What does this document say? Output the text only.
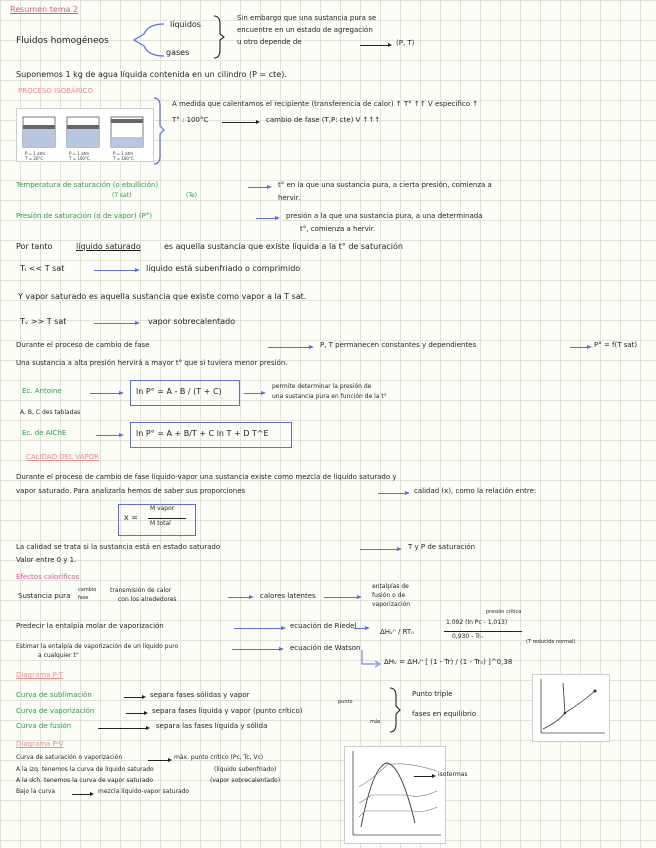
Resumen tema 2
Fluidos homogéneos
líquidos
gases
Sin embargo que una sustancia pura se
encuentre en un estado de agregación
u otro depende de	(P, T)
Suponemos 1 kg de agua líquida contenida en un cilindro (P = cte).
PROCESO ISOBÁRICO
P = 1 atm
T = 20°C
P = 1 atm
T = 100°C
P = 1 atm
T = 100°C
A medida que calentamos el recipiente (transferencia de calor) ↑ T° ↑↑ V específico ↑
T° : 100°C	cambio de fase (T,P: cte) V ↑↑↑
Temperatura de saturación (o ebullición)
(T sat)	(Te)
t° en la que una sustancia pura, a cierta presión, comienza a
hervir.
Presión de saturación (o de vapor) (P°)	presión a la que una sustancia pura, a una determinada
t°, comienza a hervir.
Por tanto	líquido saturado	es aquella sustancia que existe líquida a la t° de saturación
Tₗ << T sat	líquido está subenfriado o comprimido
Y vapor saturado es aquella sustancia que existe como vapor a la T sat.
Tᵥ >> T sat	vapor sobrecalentado
Durante el proceso de cambio de fase	P, T permanecen constantes y dependientes	P° = f(T sat)
Una sustancia a alta presión hervirá a mayor t° que si tuviera menor presión.
Ec. Antoine	ln P° = A - B / (T + C)
permite determinar la presión de
una sustancia pura en función de la t°
A, B, C des tabladas
Ec. de AIChE	ln P° = A + B/T + C ln T + D T^E
CALIDAD DEL VAPOR
Durante el proceso de cambio de fase líquido-vapor una sustancia existe como mezcla de líquido saturado y
vapor saturado. Para analizarla hemos de saber sus proporciones	calidad (x), como la relación entre:
x =
M vapor
M total
La calidad se trata si la sustancia está en estado saturado	T y P de saturación
Valor entre 0 y 1.
Efectos caloríficos
Sustancia pura
cambio
fase
transmisión de calor
con los alrededores	calores latentes
entalpías de
fusión o de
vaporización
Predecir la entalpía molar de vaporización	ecuación de Riedel
ΔHᵥⁿ / RTₙ
1,092 (ln Pc - 1,013)
0,930 - Trₙ
(T reducida normal)
presión crítica
Estimar la entalpía de vaporización de un líquido puro
a cualquier t°
ecuación de Watson
ΔHᵥ = ΔHᵥⁿ [ (1 - Tr) / (1 - Trₙ) ]^0,38
Diagrama P-T
Curva de sublimación	separa fases sólidas y vapor
Curva de vaporización	separa fases líquida y vapor (punto crítico)
Curva de fusión	separa las fases líquida y sólida
punto
más
Punto triple
fases en equilibrio
Diagrama P-V
Curva de saturación o vaporización	máx. punto crítico (Pc, Tc, Vc)
A la izq. tenemos la curva de líquido saturado	(líquido subenfriado)
A la dch. tenemos la curva de vapor saturado	(vapor sobrecalentado)
Bajo la curva	mezcla líquido-vapor saturado
isotermas
